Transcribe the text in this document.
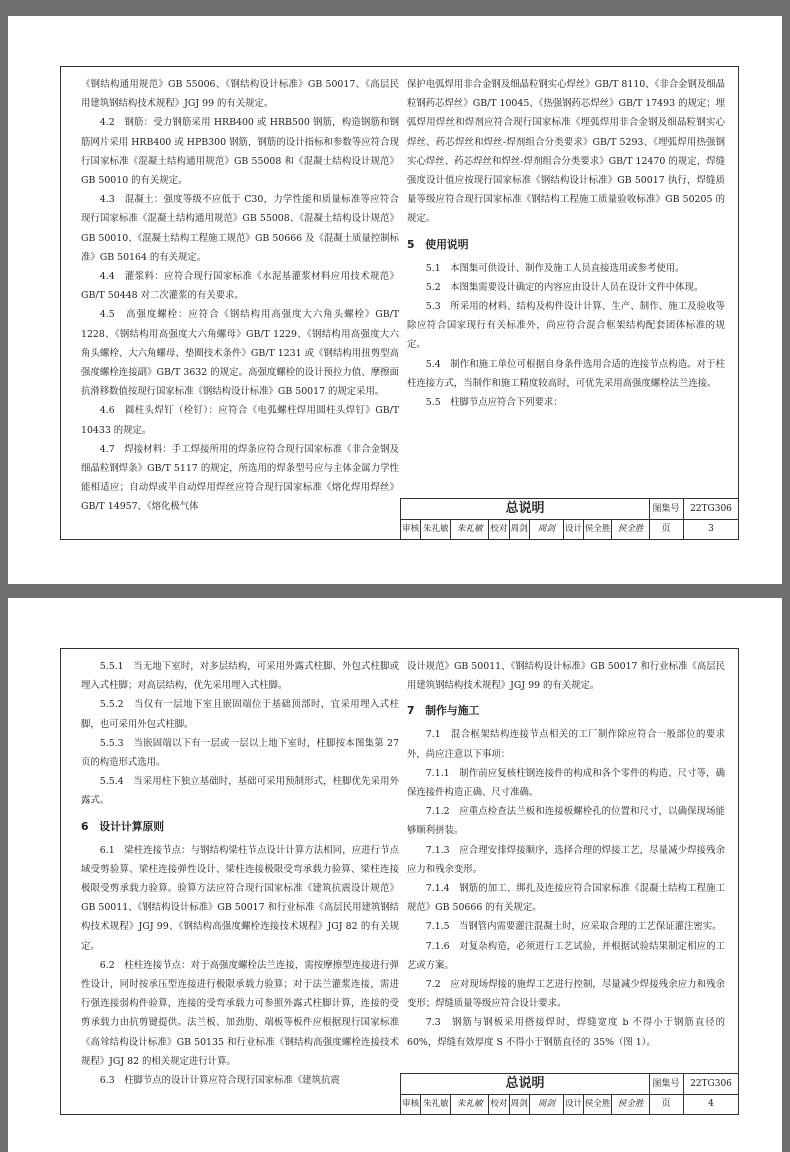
《钢结构通用规范》GB 55006、《钢结构设计标准》GB 50017、《高层民用建筑钢结构技术规程》JGJ 99 的有关规定。

4.2　钢筋：受力钢筋采用 HRB400 或 HRB500 钢筋，构造钢筋和钢筋网片采用 HRB400 或 HPB300 钢筋，钢筋的设计指标和参数等应符合现行国家标准《混凝土结构通用规范》GB 55008 和《混凝土结构设计规范》GB 50010 的有关规定。

4.3　混凝土：强度等级不应低于 C30，力学性能和质量标准等应符合现行国家标准《混凝土结构通用规范》GB 55008、《混凝土结构设计规范》GB 50010、《混凝土结构工程施工规范》GB 50666 及《混凝土质量控制标准》GB 50164 的有关规定。

4.4　灌浆料：应符合现行国家标准《水泥基灌浆材料应用技术规范》GB/T 50448 对二次灌浆的有关要求。

4.5　高强度螺栓：应符合《钢结构用高强度大六角头螺栓》GB/T 1228、《钢结构用高强度大六角螺母》GB/T 1229、《钢结构用高强度大六角头螺栓、大六角螺母、垫圈技术条件》GB/T 1231 或《钢结构用扭剪型高强度螺栓连接副》GB/T 3632 的规定。高强度螺栓的设计预拉力值、摩擦面抗滑移数值按现行国家标准《钢结构设计标准》GB 50017 的规定采用。

4.6　圆柱头焊钉（栓钉）：应符合《电弧螺柱焊用圆柱头焊钉》GB/T 10433 的规定。

4.7　焊接材料：手工焊接所用的焊条应符合现行国家标准《非合金钢及细晶粒钢焊条》GB/T 5117 的规定，所选用的焊条型号应与主体金属力学性能相适应；自动焊或半自动焊用焊丝应符合现行国家标准《熔化焊用焊丝》GB/T 14957、《熔化极气体

保护电弧焊用非合金钢及细晶粒钢实心焊丝》GB/T 8110、《非合金钢及细晶粒钢药芯焊丝》GB/T 10045、《热强钢药芯焊丝》GB/T 17493 的规定；埋弧焊用焊丝和焊剂应符合现行国家标准《埋弧焊用非合金钢及细晶粒钢实心焊丝、药芯焊丝和焊丝-焊剂组合分类要求》GB/T 5293、《埋弧焊用热强钢实心焊丝、药芯焊丝和焊丝-焊剂组合分类要求》GB/T 12470 的规定，焊缝强度设计值应按现行国家标准《钢结构设计标准》GB 50017 执行，焊缝质量等级应符合现行国家标准《钢结构工程施工质量验收标准》GB 50205 的规定。

5　使用说明

5.1　本图集可供设计、制作及施工人员直接选用或参考使用。

5.2　本图集需要设计确定的内容应由设计人员在设计文件中体现。

5.3　所采用的材料、结构及构件设计计算、生产、制作、施工及验收等除应符合国家现行有关标准外，尚应符合混合框架结构配套团体标准的规定。

5.4　制作和施工单位可根据自身条件选用合适的连接节点构造。对于柱柱连接方式，当制作和施工精度较高时，可优先采用高强度螺栓法兰连接。

5.5　柱脚节点应符合下列要求：

总说明	图集号	22TG306
审核 朱礼敏 朱礼敏 校对 周剑	周剑	设计 侯全胜 侯全胜	页	3

5.5.1　当无地下室时，对多层结构，可采用外露式柱脚、外包式柱脚或埋入式柱脚；对高层结构，优先采用埋入式柱脚。

5.5.2　当仅有一层地下室且嵌固端位于基础顶部时，宜采用埋入式柱脚，也可采用外包式柱脚。

5.5.3　当嵌固端以下有一层或一层以上地下室时，柱脚按本图集第 27 页的构造形式选用。

5.5.4　当采用柱下独立基础时，基础可采用预制形式，柱脚优先采用外露式。

6　设计计算原则

6.1　梁柱连接节点：与钢结构梁柱节点设计计算方法相同，应进行节点域受剪验算、梁柱连接弹性设计、梁柱连接极限受弯承载力验算、梁柱连接极限受剪承载力验算。验算方法应符合现行国家标准《建筑抗震设计规范》GB 50011、《钢结构设计标准》GB 50017 和行业标准《高层民用建筑钢结构技术规程》JGJ 99、《钢结构高强度螺栓连接技术规程》JGJ 82 的有关规定。

6.2　柱柱连接节点：对于高强度螺栓法兰连接，需按摩擦型连接进行弹性设计，同时按承压型连接进行极限承载力验算；对于法兰灌浆连接，需进行强连接弱构件验算，连接的受弯承载力可参照外露式柱脚计算，连接的受剪承载力由抗剪键提供。法兰板、加劲肋、端板等板件应根据现行国家标准《高耸结构设计标准》GB 50135 和行业标准《钢结构高强度螺栓连接技术规程》JGJ 82 的相关规定进行计算。

6.3　柱脚节点的设计计算应符合现行国家标准《建筑抗震

设计规范》GB 50011、《钢结构设计标准》GB 50017 和行业标准《高层民用建筑钢结构技术规程》JGJ 99 的有关规定。

7　制作与施工

7.1　混合框架结构连接节点相关的工厂制作除应符合一般部位的要求外，尚应注意以下事项：

7.1.1　制作前应复核柱钢连接件的构成和各个零件的构造、尺寸等，确保连接件构造正确、尺寸准确。

7.1.2　应重点检查法兰板和连接板螺栓孔的位置和尺寸，以确保现场能够顺利拼装。

7.1.3　应合理安排焊接顺序，选择合理的焊接工艺，尽量减少焊接残余应力和残余变形。

7.1.4　钢筋的加工、绑扎及连接应符合国家标准《混凝土结构工程施工规范》GB 50666 的有关规定。

7.1.5　当钢管内需要灌注混凝土时，应采取合理的工艺保证灌注密实。

7.1.6　对复杂构造，必须进行工艺试验，并根据试验结果制定相应的工艺或方案。

7.2　应对现场焊接的施焊工艺进行控制，尽量减少焊接残余应力和残余变形；焊缝质量等级应符合设计要求。

7.3　钢筋与钢板采用搭接焊时，焊缝宽度 b 不得小于钢筋直径的 60%，焊缝有效厚度 S 不得小于钢筋直径的 35%（图 1）。

总说明	图集号	22TG306
审核 朱礼敏 朱礼敏 校对 周剑	周剑	设计 侯全胜 侯全胜	页	4
